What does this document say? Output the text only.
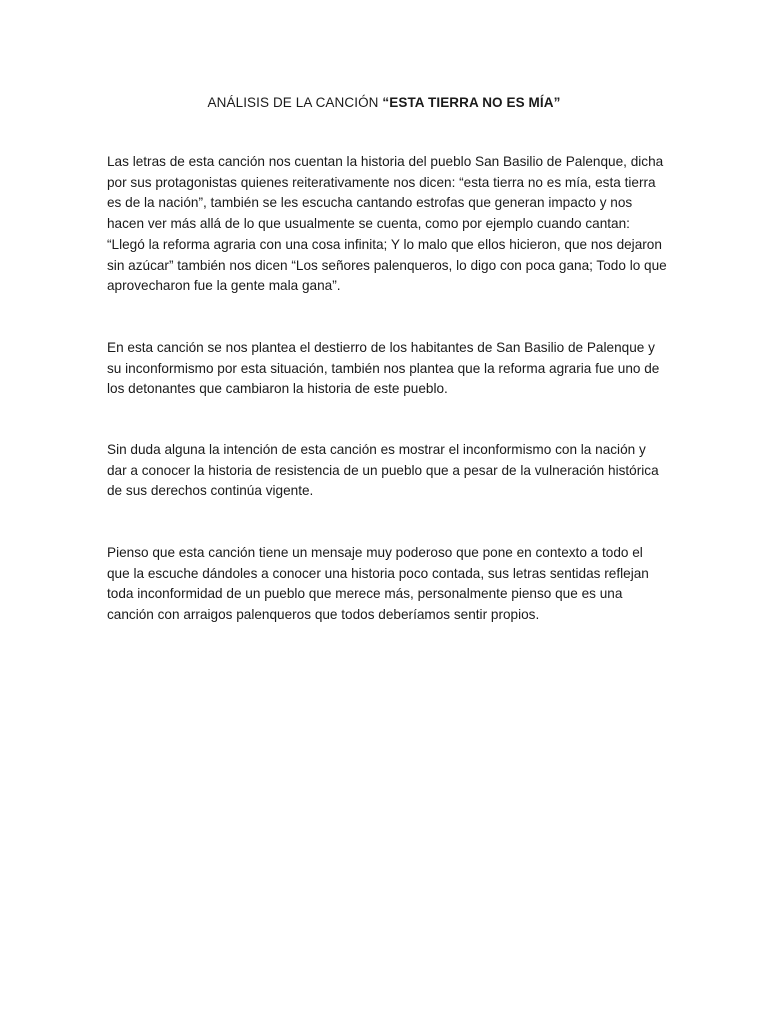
ANÁLISIS DE LA CANCIÓN “ESTA TIERRA NO ES MÍA”

Las letras de esta canción nos cuentan la historia del pueblo San Basilio de Palenque, dicha por sus protagonistas quienes reiterativamente nos dicen: “esta tierra no es mía, esta tierra es de la nación”, también se les escucha cantando estrofas que generan impacto y nos hacen ver más allá de lo que usualmente se cuenta, como por ejemplo cuando cantan: “Llegó la reforma agraria con una cosa infinita; Y lo malo que ellos hicieron, que nos dejaron sin azúcar” también nos dicen “Los señores palenqueros, lo digo con poca gana; Todo lo que aprovecharon fue la gente mala gana”.

En esta canción se nos plantea el destierro de los habitantes de San Basilio de Palenque y su inconformismo por esta situación, también nos plantea que la reforma agraria fue uno de los detonantes que cambiaron la historia de este pueblo.

Sin duda alguna la intención de esta canción es mostrar el inconformismo con la nación y dar a conocer la historia de resistencia de un pueblo que a pesar de la vulneración histórica de sus derechos continúa vigente.

Pienso que esta canción tiene un mensaje muy poderoso que pone en contexto a todo el que la escuche dándoles a conocer una historia poco contada, sus letras sentidas reflejan toda inconformidad de un pueblo que merece más, personalmente pienso que es una canción con arraigos palenqueros que todos deberíamos sentir propios.
